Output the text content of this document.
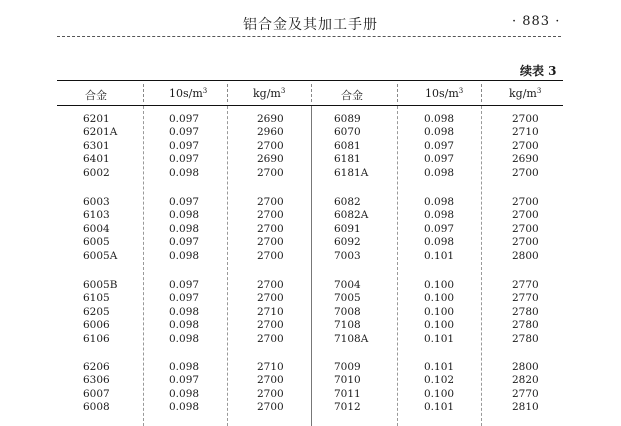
铝合金及其加工手册	· 883 ·
续表 3
合金	$10s/m^3$	$kg/m^3$	合金	$10s/m^3$	$kg/m^3$
6201	0.097	2690	6089	0.098	2700
6201A	0.097	2960	6070	0.098	2710
6301	0.097	2700	6081	0.097	2700
6401	0.097	2690	6181	0.097	2690
6002	0.098	2700	6181A	0.098	2700
6003	0.097	2700	6082	0.098	2700
6103	0.098	2700	6082A	0.098	2700
6004	0.098	2700	6091	0.097	2700
6005	0.097	2700	6092	0.098	2700
6005A	0.098	2700	7003	0.101	2800
6005B	0.097	2700	7004	0.100	2770
6105	0.097	2700	7005	0.100	2770
6205	0.098	2710	7008	0.100	2780
6006	0.098	2700	7108	0.100	2780
6106	0.098	2700	7108A	0.101	2780
6206	0.098	2710	7009	0.101	2800
6306	0.097	2700	7010	0.102	2820
6007	0.098	2700	7011	0.100	2770
6008	0.098	2700	7012	0.101	2810
